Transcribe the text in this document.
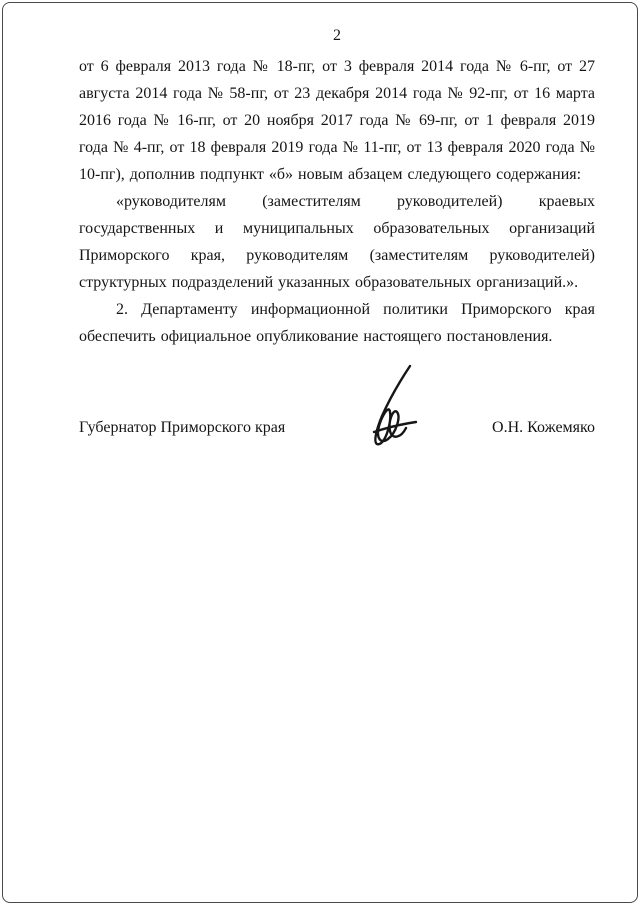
2

от 6 февраля 2013 года № 18-пг, от 3 февраля 2014 года № 6-пг, от 27 августа 2014 года № 58-пг, от 23 декабря 2014 года № 92-пг, от 16 марта 2016 года № 16-пг, от 20 ноября 2017 года № 69-пг, от 1 февраля 2019 года № 4-пг, от 18 февраля 2019 года № 11-пг, от 13 февраля 2020 года № 10-пг), дополнив подпункт «б» новым абзацем следующего содержания:

«руководителям (заместителям руководителей) краевых государственных и муниципальных образовательных организаций Приморского края, руководителям (заместителям руководителей) структурных подразделений указанных образовательных организаций.».

2. Департаменту информационной политики Приморского края обеспечить официальное опубликование настоящего постановления.

Губернатор Приморского края	О.Н. Кожемяко
